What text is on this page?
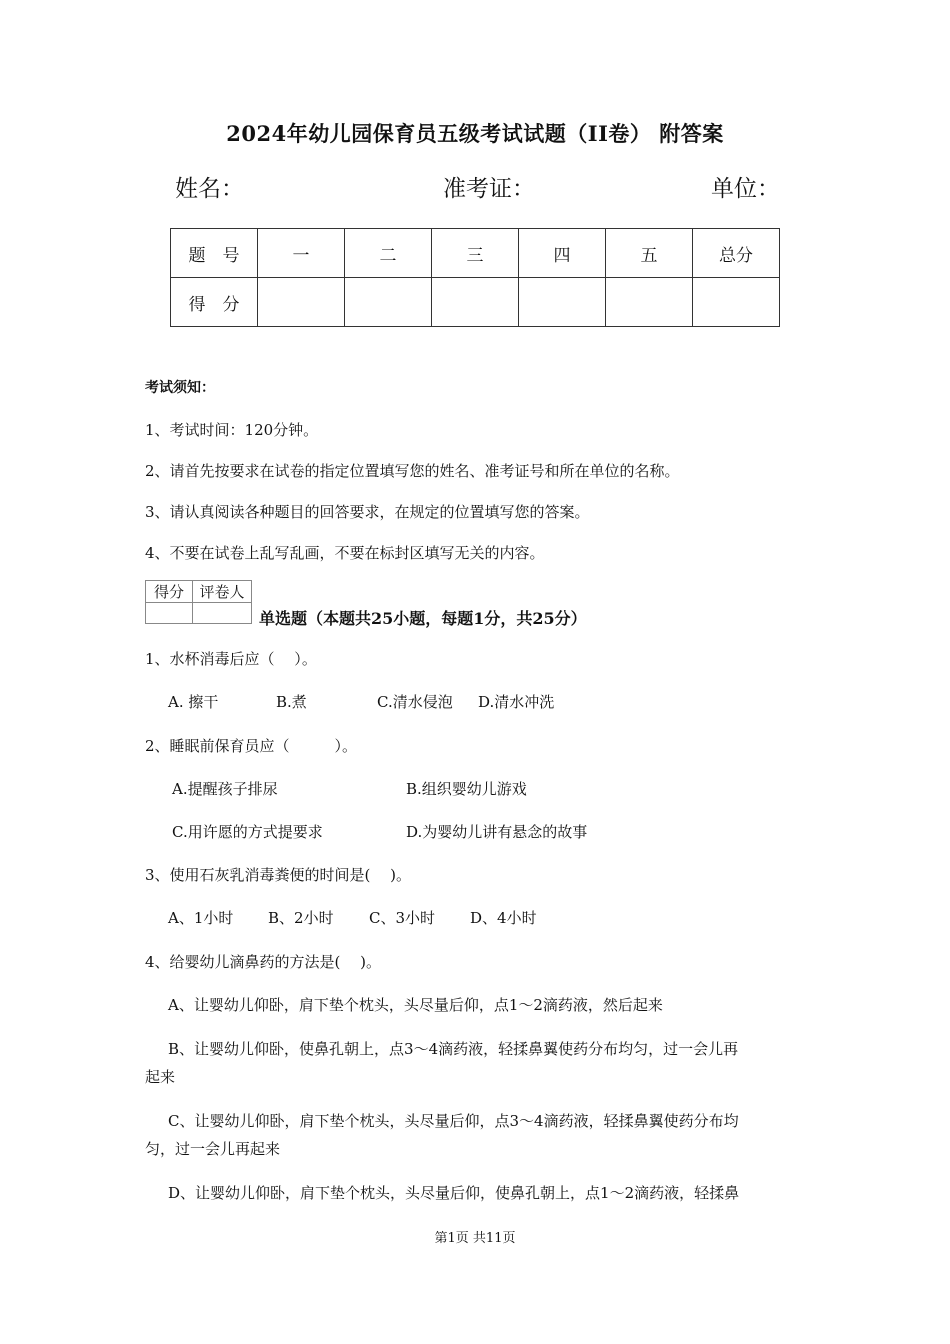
2024年幼儿园保育员五级考试试题（II卷） 附答案
姓名：	准考证：	单位：
题　号	一	二	三	四	五	总分
得　分						
考试须知：
1、考试时间：120分钟。
2、请首先按要求在试卷的指定位置填写您的姓名、准考证号和所在单位的名称。
3、请认真阅读各种题目的回答要求，在规定的位置填写您的答案。
4、不要在试卷上乱写乱画，不要在标封区填写无关的内容。
得分	评卷人

单选题（本题共25小题，每题1分，共25分）
1、水杯消毒后应（　 ）。
A. 擦干	B.煮	C.清水侵泡 D.清水冲洗
2、睡眠前保育员应（　　　）。
A.提醒孩子排尿	B.组织婴幼儿游戏
C.用许愿的方式提要求	D.为婴幼儿讲有悬念的故事
3、使用石灰乳消毒粪便的时间是(　 )。
A、1小时 B、2小时 C、3小时 D、4小时
4、给婴幼儿滴鼻药的方法是(　 )。
A、让婴幼儿仰卧，肩下垫个枕头，头尽量后仰，点1～2滴药液，然后起来
B、让婴幼儿仰卧，使鼻孔朝上，点3～4滴药液，轻揉鼻翼使药分布均匀，过一会儿再
起来
C、让婴幼儿仰卧，肩下垫个枕头，头尽量后仰，点3～4滴药液，轻揉鼻翼使药分布均
匀，过一会儿再起来
D、让婴幼儿仰卧，肩下垫个枕头，头尽量后仰，使鼻孔朝上，点1～2滴药液，轻揉鼻
第1页 共11页
